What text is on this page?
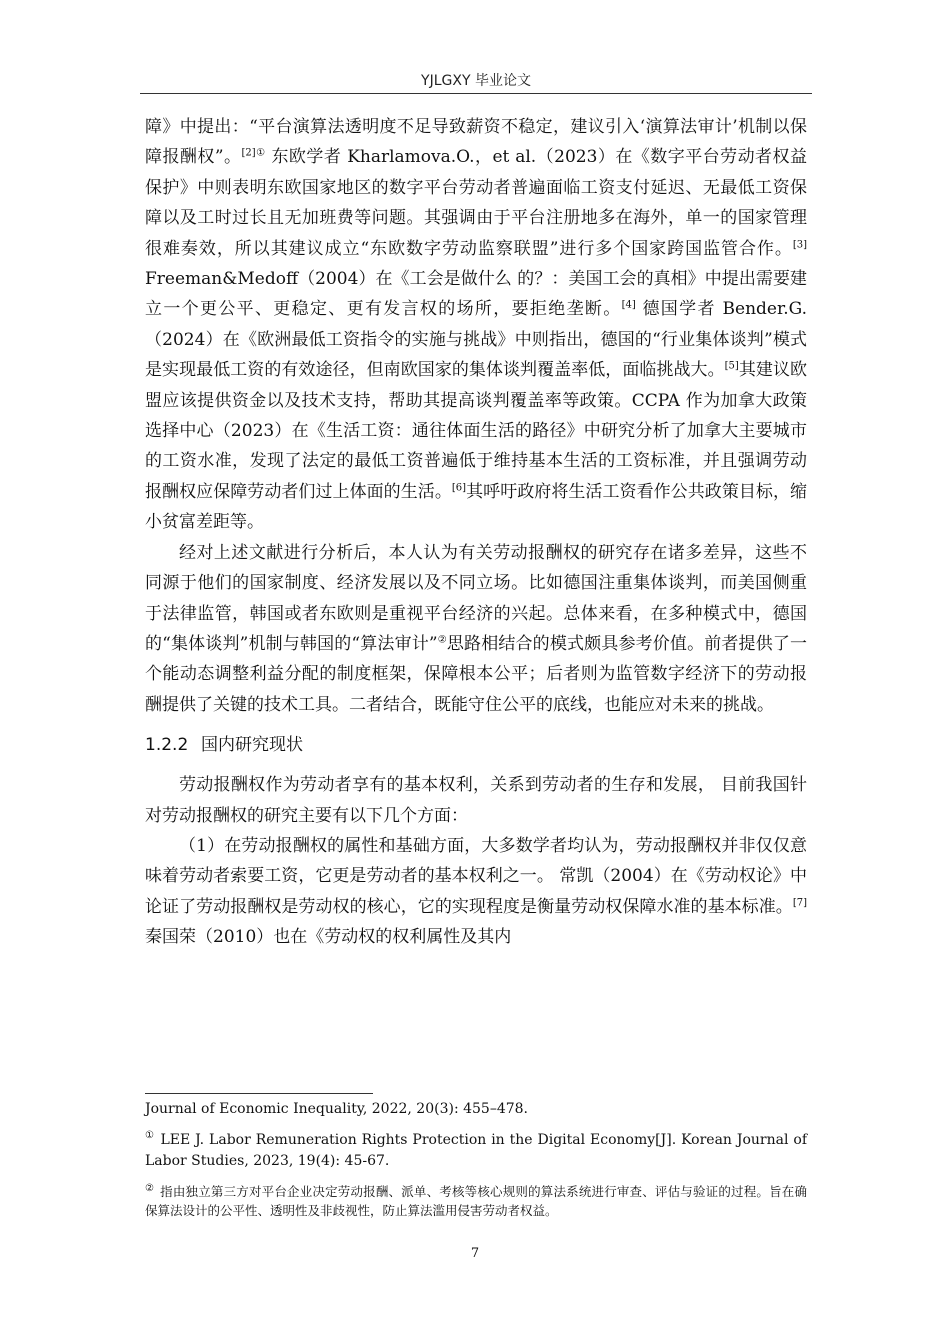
YJLGXY 毕业论文

障》中提出：“平台演算法透明度不足导致薪资不稳定，建议引入‘演算法审计’机制以保障报酬权”。$^{[2]①}$ 东欧学者 Kharlamova.O.，et al.（2023）在《数字平台劳动者权益保护》中则表明东欧国家地区的数字平台劳动者普遍面临工资支付延迟、无最低工资保障以及工时过长且无加班费等问题。其强调由于平台注册地多在海外，单一的国家管理很难奏效，所以其建议成立“东欧数字劳动监察联盟”进行多个国家跨国监管合作。[3] Freeman&Medoff（2004）在《工会是做什么 的？：美国工会的真相》中提出需要建立一个更公平、更稳定、更有发言权的场所，要拒绝垄断。[4] 德国学者 Bender.G.（2024）在《欧洲最低工资指令的实施与挑战》中则指出，德国的“行业集体谈判”模式是实现最低工资的有效途径，但南欧国家的集体谈判覆盖率低，面临挑战大。[5]其建议欧盟应该提供资金以及技术支持，帮助其提高谈判覆盖率等政策。CCPA 作为加拿大政策选择中心（2023）在《生活工资：通往体面生活的路径》中研究分析了加拿大主要城市的工资水准，发现了法定的最低工资普遍低于维持基本生活的工资标准，并且强调劳动报酬权应保障劳动者们过上体面的生活。[6]其呼吁政府将生活工资看作公共政策目标，缩小贫富差距等。

经对上述文献进行分析后，本人认为有关劳动报酬权的研究存在诸多差异，这些不同源于他们的国家制度、经济发展以及不同立场。比如德国注重集体谈判，而美国侧重于法律监管，韩国或者东欧则是重视平台经济的兴起。总体来看，在多种模式中，德国的“集体谈判”机制与韩国的“算法审计”②思路相结合的模式颇具参考价值。前者提供了一个能动态调整利益分配的制度框架，保障根本公平；后者则为监管数字经济下的劳动报酬提供了关键的技术工具。二者结合，既能守住公平的底线，也能应对未来的挑战。

1.2.2 国内研究现状

劳动报酬权作为劳动者享有的基本权利，关系到劳动者的生存和发展， 目前我国针对劳动报酬权的研究主要有以下几个方面：

（1）在劳动报酬权的属性和基础方面，大多数学者均认为，劳动报酬权并非仅仅意味着劳动者索要工资，它更是劳动者的基本权利之一。 常凯（2004）在《劳动权论》中论证了劳动报酬权是劳动权的核心，它的实现程度是衡量劳动权保障水准的基本标准。[7]秦国荣（2010）也在《劳动权的权利属性及其内

Journal of Economic Inequality, 2022, 20(3): 455–478.

① LEE J. Labor Remuneration Rights Protection in the Digital Economy[J]. Korean Journal of Labor Studies, 2023, 19(4): 45-67.

② 指由独立第三方对平台企业决定劳动报酬、派单、考核等核心规则的算法系统进行审查、评估与验证的过程。旨在确保算法设计的公平性、透明性及非歧视性，防止算法滥用侵害劳动者权益。

7
